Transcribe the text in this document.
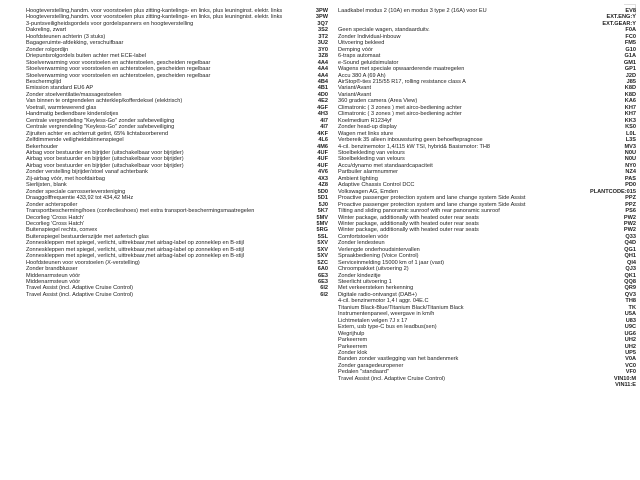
Hoogteverstelling,handm. voor voorstoelen plus zitting-kantelings- en links, plus leuninginst. elektr. links	3PW
Hoogteverstelling,handm. voor voorstoelen plus zitting-kantelings- en links, plus leuningnist. elektr. links	3PW
3-puntsveiligheidsgordels voor gordelspanners en hoogteverstelling	3Q7
Dakreling, zwart	3S2
Hoofdsteunen achterin (3 stuks)	3T2
Bagageruimte-afdekking, verschuifbaar	3U2
Zonder rolgordijn	3Y0
Driepuntsrolgordels buiten achter met ECE-label	3Z8
Stoelverwarming voor voorstoelen en achterstoelen, gescheiden regelbaar	4A4
Stoelverwarming voor voorstoelen en achterstoelen, gescheiden regelbaar	4A4
Stoelverwarming voor voorstoelen en achterstoelen, gescheiden regelbaar	4A4
Beschermglijd	4B4
Emission standard EU6 AP	4B1
Zonder stoelventilatie/massagestoelen	4D0
Van binnen te ontgrendelen achterklep/kofferdeksel (elektrisch)	4E2
Voetrail, warmtewerend glas	4GF
Handmatig bediendbare kinderslotjes	4H3
Centrale vergrendeling "Keyless-Go" zonder safebeveiliging	4I7
Centrale vergrendeling "Keyless-Go" zonder safebeveiliging	4I7
Zijruiten achter en achterruit getint, 65% lichtabsorberend	4KF
Zelfdimmende veiligheidsbinnenspiegel	4L6
Bekerhouder	4M6
Airbag voor bestuurder en bijrijder (uitschakelbaar voor bijrijder)	4UF
Airbag voor bestuurder en bijrijder (uitschakelbaar voor bijrijder)	4UF
Airbag voor bestuurder en bijrijder (uitschakelbaar voor bijrijder)	4UF
Zonder verstelling bijrijder/stoel vanaf achterbank	4V6
Zij-airbag vóór, met hoofdairbag	4X3
Sierlijsten, blank	4Z8
Zonder speciale carrosserieversteniging	5D0
Draaggolffrequentie 433,92 tot 434,42 MHz	5D1
Zonder achterspoiler	5J0
Transportbescherming/hoes (confectieshoes) met extra transport-beschermingsmaatregelen	5K7
Decorlieg 'Cross Hatch'	5MV
Decorlieg 'Cross Hatch'	5MV
Buitenspiegel rechts, convex	5RG
Buitenspiegel bestuurderszijde met asferisch glas	5SL
Zonneskleppen met spiegel, verlicht, uittrekbaar,met airbag-label op zonneklep en B-stijl	5XV
Zonneskleppen met spiegel, verlicht, uittrekbaar,met airbag-label op zonneklep en B-stijl	5XV
Zonneskleppen met spiegel, verlicht, uittrekbaar,met airbag-label op zonneklep en B-stijl	5XV
Hoofdsteunen voor voorstoelen (X-verstelling)	5ZC
Zonder brandblusser	6A0
Middenarmsteun vóór	6E3
Middenarmsteun vóór	6E3
Travel Assist (incl. Adaptive Cruise Control)	6I2
Travel Assist (incl. Adaptive Cruise Control)	6I2
Laadkabel modus 2 (10A) en modus 3 type 2 (16A) voor EU	EV8
EXT.ENG:Y
EXT.GEAR:Y
Geen speciale wagen, standaarduitv.	F0A
Zonder Individual-inbouw	FC0
Uitvoering bekleed	FM5
Demping vóór	G10
6-traps automaat	G1A
e-Sound geluidsimulator	GM1
Wagens met speciale opwaarderende maatregelen	GP1
Accu 380 A (69 Ah)	J2D
AirStop®-ties 215/55 R17, rolling resistance class A	J85
Variant/Avant	K8D
Variant/Avant	K8D
360 graden camera (Area View)	KA6
Climatronic ( 3 zones ) met airco-bediening achter	KH7
Climatronic ( 3 zones ) met airco-bediening achter	KH7
Koelmedium R1234yf	KK3
Zonder head-up display	KS0
Wagen met links sture	L0L
Verbereik 35 alleen inbouwsturing geen behoeftepragnose	L3S
4-cil. benzinemotor 1,4/115 kW TSI, hybrid& Basismotor: TH8	MV3
Stoelbekleding van velours	N0U
Stoelbekleding van velours	N0U
Accu/dynamo met standaardcapaciteit	NY0
Partbuiler alarmnummer	NZ4
Ambient lighting	PAS
Adaptive Chassis Control DCC	PD0
Volkswagen AG, Emden	PLANTCODE:015
Proactive passenger protection system and lane change system Side Assist	PPZ
Proactive passenger protection system and lane change system Side Assist	PPZ
Tilting and sliding panoramic sunroof with rear panoramic sunroof	PS6
Winter package, additionally with heated outer rear seats	PW2
Winter package, additionally with heated outer rear seats	PW2
Winter package, additionally with heated outer rear seats	PW2
Comfortstoelen vóór	Q33
Zonder lendesteun	Q4D
Verlengde onderhoudsintervallen	QG1
Spraakbediening (Voice Control)	QH1
Serviceinmelding 15000 km of 1 jaar (vast)	QI4
Chroompakket (uitvoering 2)	QJ3
Zonder kindezitje	QK1
Steerlicht uitvoering 1	QQ8
Met verkeersteken herkenning	QR9
Digitale radio-ontvangst (DAB+)	QV3
4-cil. benzinemotor 1,4 l aggr. 04E.C	TH8
Titanium Black-Blue/Titanium Black/Titanium Black	TK
Instrumentenpaneel, weergave in km/h	U5A
Lichtmetalen velgen 7J x 17	U83
Extern, usb type-C bus en leadbus(sen)	U9C
Wegrijhulp	UG6
Parkeerrem	UH2
Parkeerrem	UH2
Zonder klok	UP5
Banden zonder vastlegging van het bandenmerk	V0A
Zonder garagedeuropener	VC0
Pedalen "standaard"	VF0
Travel Assist (incl. Adaptive Cruise Control)	VIN10:M
VIN11:E
